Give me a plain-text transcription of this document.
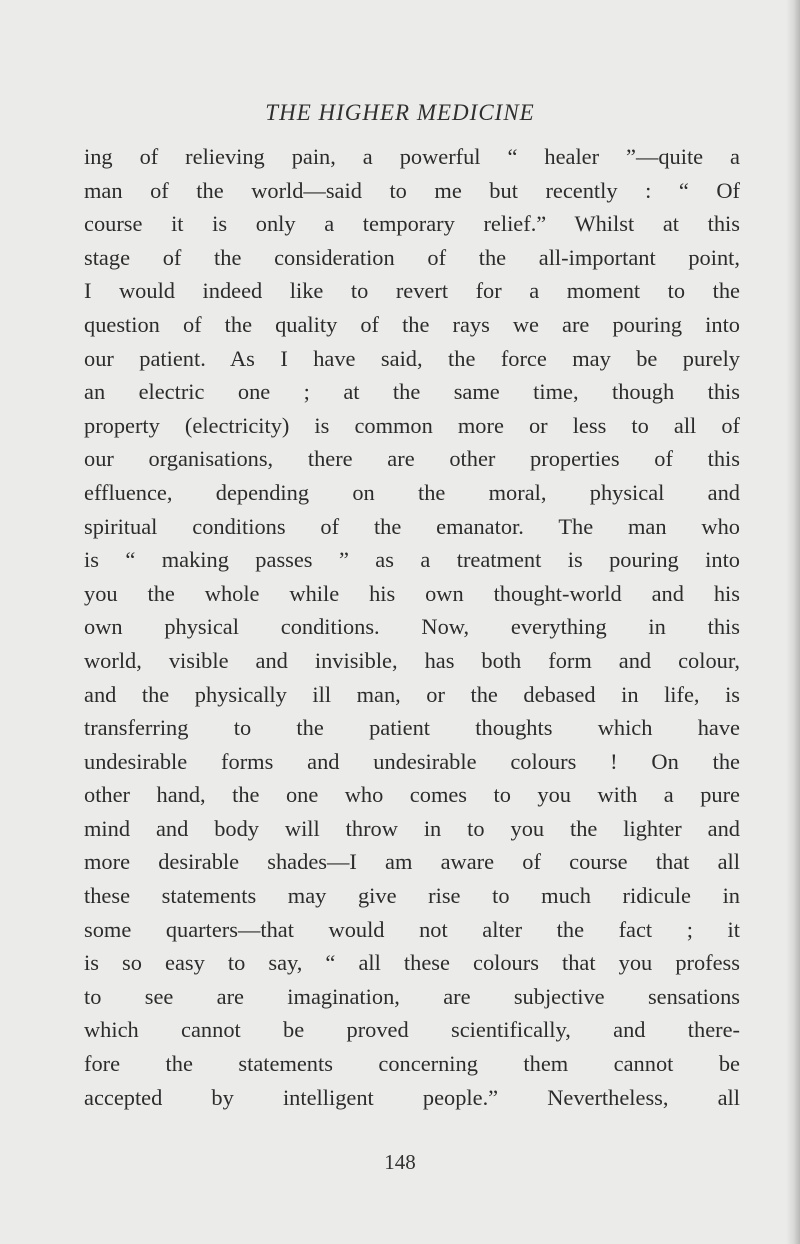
THE HIGHER MEDICINE
ing of relieving pain, a powerful “ healer ”—quite a
man of the world—said to me but recently : “ Of
course it is only a temporary relief.” Whilst at this
stage of the consideration of the all-important point,
I would indeed like to revert for a moment to the
question of the quality of the rays we are pouring into
our patient. As I have said, the force may be purely
an electric one ; at the same time, though this
property (electricity) is common more or less to all of
our organisations, there are other properties of this
effluence, depending on the moral, physical and
spiritual conditions of the emanator. The man who
is “ making passes ” as a treatment is pouring into
you the whole while his own thought-world and his
own physical conditions. Now, everything in this
world, visible and invisible, has both form and colour,
and the physically ill man, or the debased in life, is
transferring to the patient thoughts which have
undesirable forms and undesirable colours ! On the
other hand, the one who comes to you with a pure
mind and body will throw in to you the lighter and
more desirable shades—I am aware of course that all
these statements may give rise to much ridicule in
some quarters—that would not alter the fact ; it
is so easy to say, “ all these colours that you profess
to see are imagination, are subjective sensations
which cannot be proved scientifically, and there-
fore the statements concerning them cannot be
accepted by intelligent people.” Nevertheless, all
148
